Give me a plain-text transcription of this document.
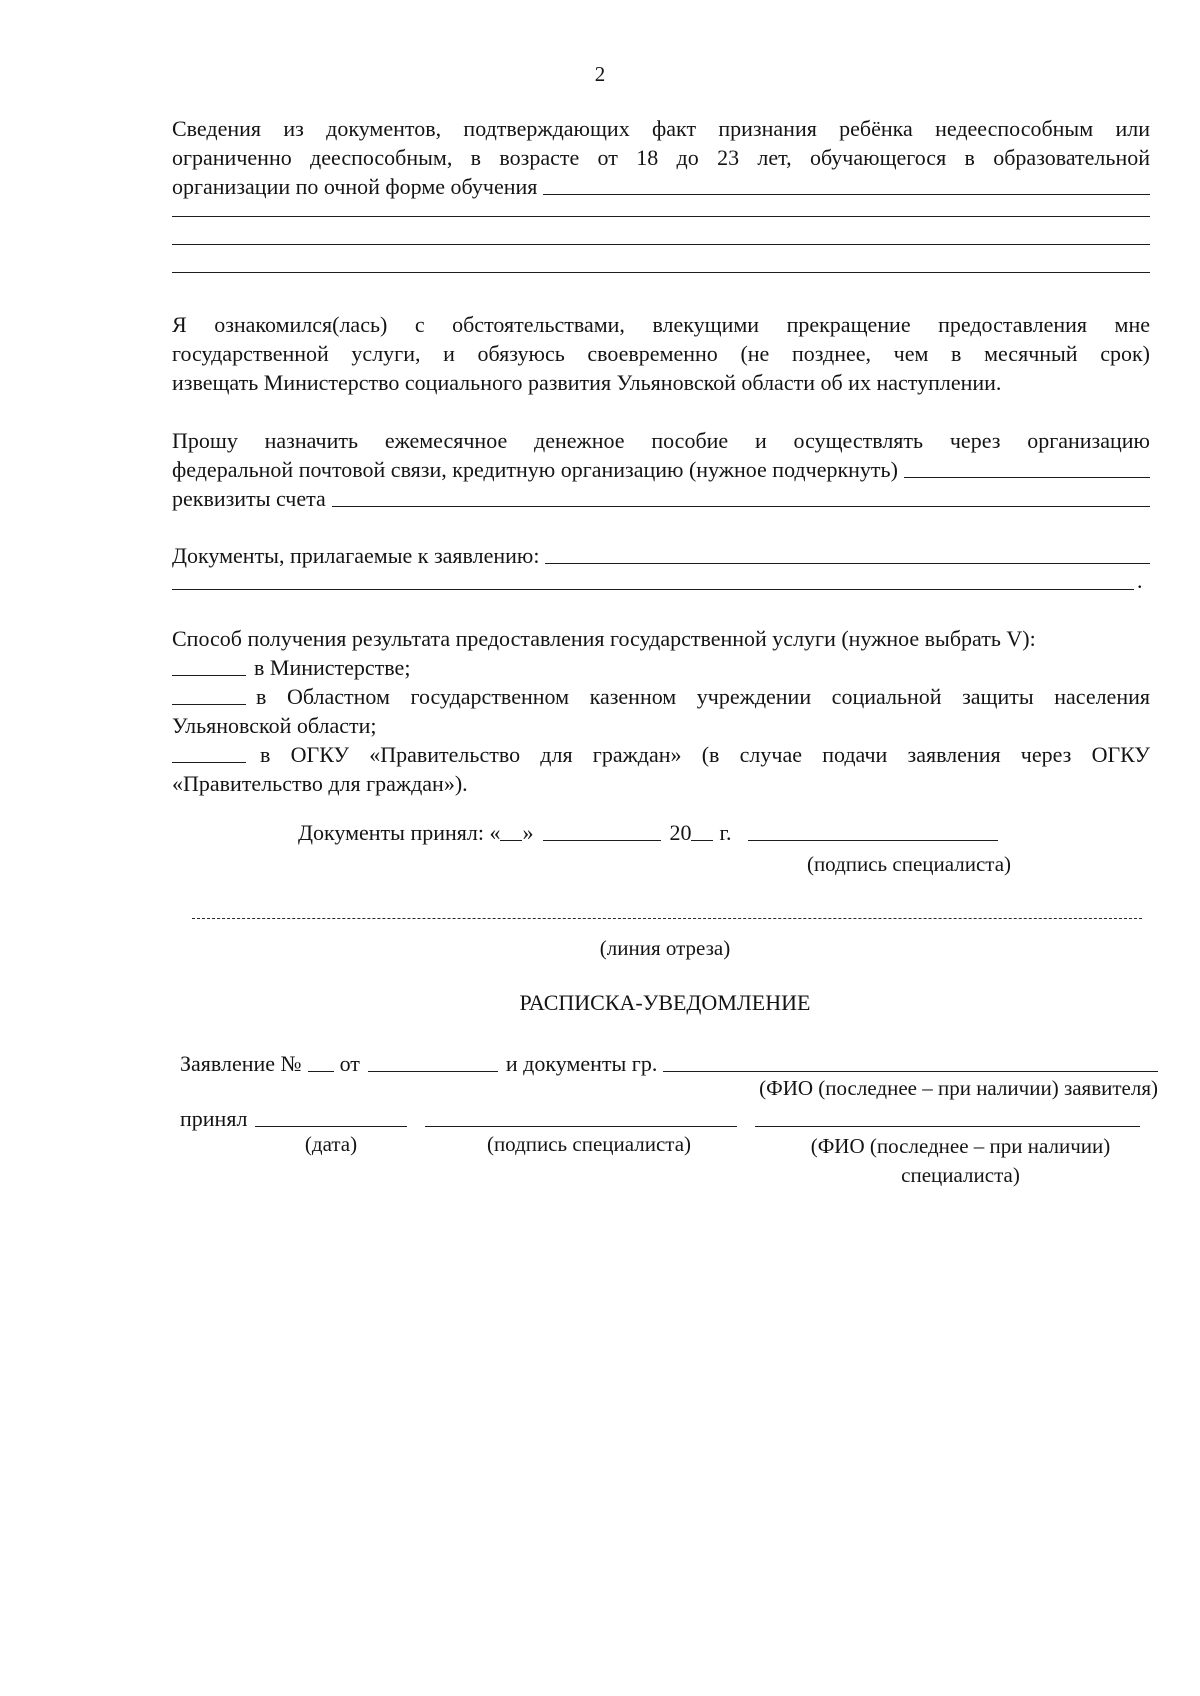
2
Сведения из документов, подтверждающих факт признания ребёнка недееспособным или
ограниченно дееспособным, в возрасте от 18 до 23 лет, обучающегося в образовательной
организации по очной форме обучения
Я ознакомился(лась) с обстоятельствами, влекущими прекращение предоставления мне
государственной услуги, и обязуюсь своевременно (не позднее, чем в месячный срок)
извещать Министерство социального развития Ульяновской области об их наступлении.
Прошу назначить ежемесячное денежное пособие и осуществлять через организацию
федеральной почтовой связи, кредитную организацию (нужное подчеркнуть)
реквизиты счета
Документы, прилагаемые к заявлению:
.
Способ получения результата предоставления государственной услуги (нужное выбрать V):
в Министерстве;
в Областном государственном казенном учреждении социальной защиты населения
Ульяновской области;
в ОГКУ «Правительство для граждан» (в случае подачи заявления через ОГКУ
«Правительство для граждан»).
Документы принял: « »	20 г.
(подпись специалиста)
(линия отреза)
РАСПИСКА-УВЕДОМЛЕНИЕ
Заявление № от	и документы гр.
(ФИО (последнее – при наличии) заявителя)
принял
(дата)	(подпись специалиста)	(ФИО (последнее – при наличии)
специалиста)
